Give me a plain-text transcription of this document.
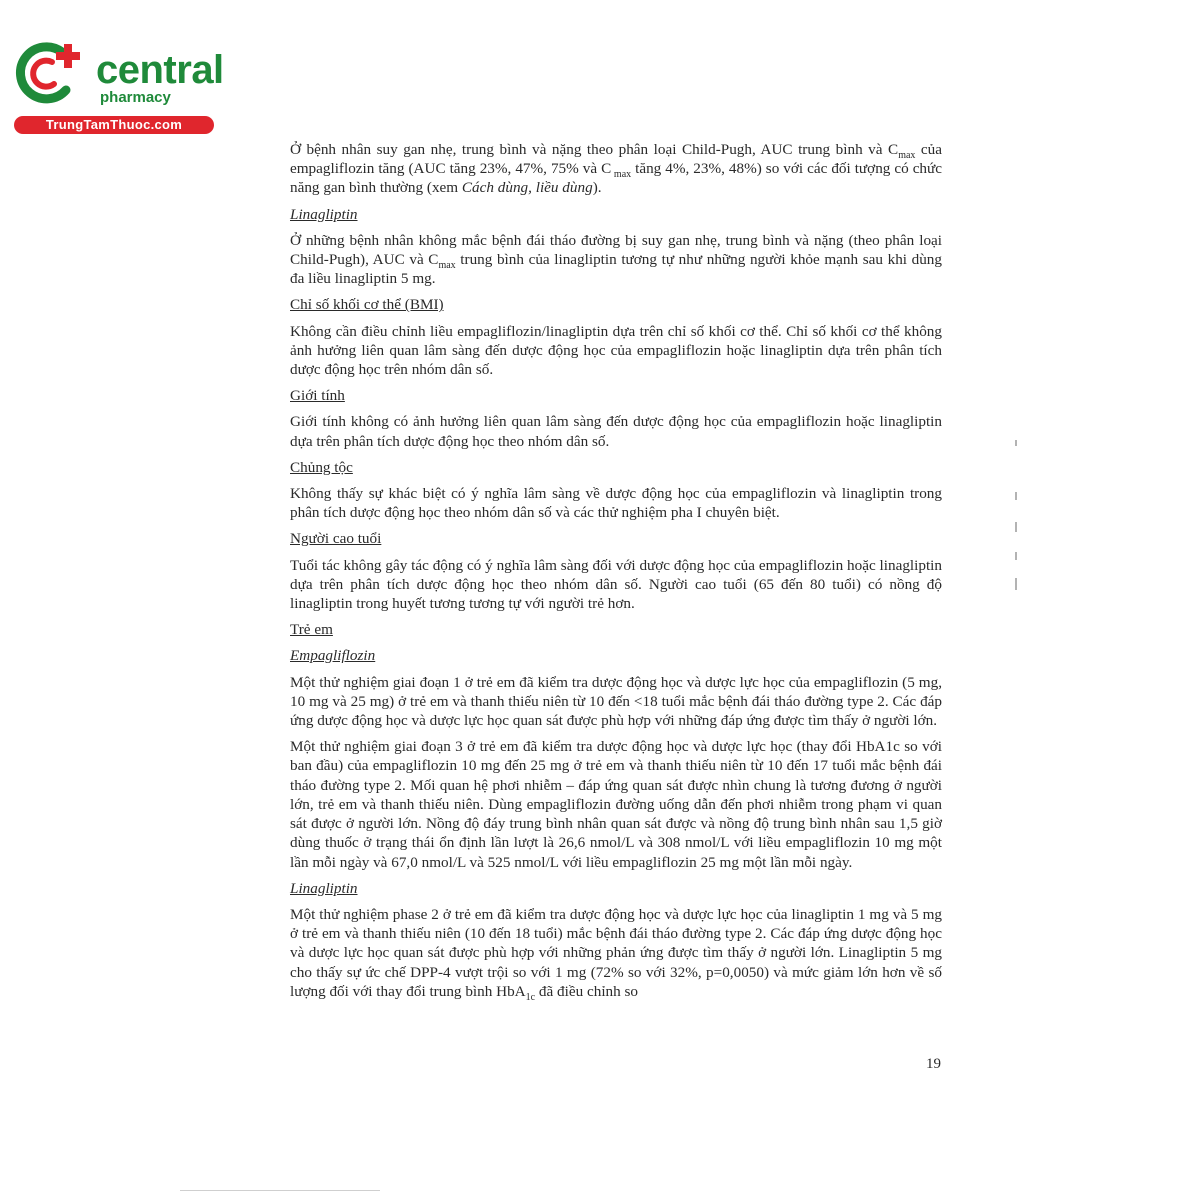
central
pharmacy
TrungTamThuoc.com

Ở bệnh nhân suy gan nhẹ, trung bình và nặng theo phân loại Child-Pugh, AUC trung bình và $C_{max}$ của empagliflozin tăng (AUC tăng 23%, 47%, 75% và C $_{max}$ tăng 4%, 23%, 48%) so với các đối tượng có chức năng gan bình thường (xem Cách dùng, liều dùng).

Linagliptin

Ở những bệnh nhân không mắc bệnh đái tháo đường bị suy gan nhẹ, trung bình và nặng (theo phân loại Child-Pugh), AUC và $C_{max}$ trung bình của linagliptin tương tự như những người khỏe mạnh sau khi dùng đa liều linagliptin 5 mg.

Chỉ số khối cơ thể (BMI)

Không cần điều chỉnh liều empagliflozin/linagliptin dựa trên chỉ số khối cơ thể. Chỉ số khối cơ thể không ảnh hưởng liên quan lâm sàng đến dược động học của empagliflozin hoặc linagliptin dựa trên phân tích dược động học trên nhóm dân số.

Giới tính

Giới tính không có ảnh hưởng liên quan lâm sàng đến dược động học của empagliflozin hoặc linagliptin dựa trên phân tích dược động học theo nhóm dân số.

Chủng tộc

Không thấy sự khác biệt có ý nghĩa lâm sàng về dược động học của empagliflozin và linagliptin trong phân tích dược động học theo nhóm dân số và các thử nghiệm pha I chuyên biệt.

Người cao tuổi

Tuổi tác không gây tác động có ý nghĩa lâm sàng đối với dược động học của empagliflozin hoặc linagliptin dựa trên phân tích dược động học theo nhóm dân số. Người cao tuổi (65 đến 80 tuổi) có nồng độ linagliptin trong huyết tương tương tự với người trẻ hơn.

Trẻ em
Empagliflozin

Một thử nghiệm giai đoạn 1 ở trẻ em đã kiểm tra dược động học và dược lực học của empagliflozin (5 mg, 10 mg và 25 mg) ở trẻ em và thanh thiếu niên từ 10 đến <18 tuổi mắc bệnh đái tháo đường type 2. Các đáp ứng dược động học và dược lực học quan sát được phù hợp với những đáp ứng được tìm thấy ở người lớn.

Một thử nghiệm giai đoạn 3 ở trẻ em đã kiểm tra dược động học và dược lực học (thay đổi HbA1c so với ban đầu) của empagliflozin 10 mg đến 25 mg ở trẻ em và thanh thiếu niên từ 10 đến 17 tuổi mắc bệnh đái tháo đường type 2. Mối quan hệ phơi nhiễm – đáp ứng quan sát được nhìn chung là tương đương ở người lớn, trẻ em và thanh thiếu niên. Dùng empagliflozin đường uống dẫn đến phơi nhiễm trong phạm vi quan sát được ở người lớn. Nồng độ đáy trung bình nhân quan sát được và nồng độ trung bình nhân sau 1,5 giờ dùng thuốc ở trạng thái ổn định lần lượt là 26,6 nmol/L và 308 nmol/L với liều empagliflozin 10 mg một lần mỗi ngày và 67,0 nmol/L và 525 nmol/L với liều empagliflozin 25 mg một lần mỗi ngày.

Linagliptin

Một thử nghiệm phase 2 ở trẻ em đã kiểm tra dược động học và dược lực học của linagliptin 1 mg và 5 mg ở trẻ em và thanh thiếu niên (10 đến 18 tuổi) mắc bệnh đái tháo đường type 2. Các đáp ứng dược động học và dược lực học quan sát được phù hợp với những phản ứng được tìm thấy ở người lớn. Linagliptin 5 mg cho thấy sự ức chế DPP-4 vượt trội so với 1 mg (72% so với 32%, p=0,0050) và mức giảm lớn hơn về số lượng đối với thay đổi trung bình HbA$_{1c}$ đã điều chỉnh so

19
